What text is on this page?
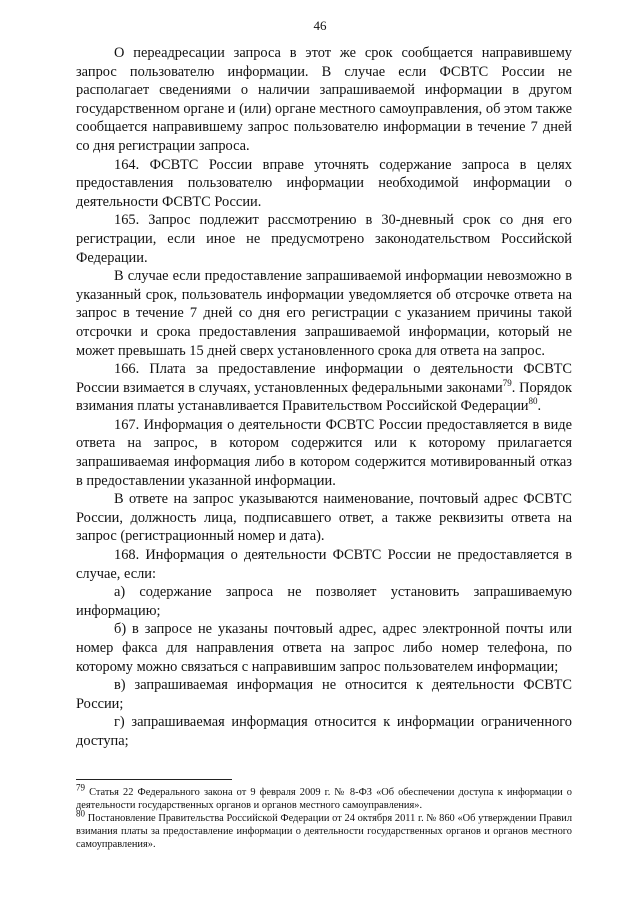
46

О переадресации запроса в этот же срок сообщается направившему запрос пользователю информации. В случае если ФСВТС России не располагает сведениями о наличии запрашиваемой информации в другом государственном органе и (или) органе местного самоуправления, об этом также сообщается направившему запрос пользователю информации в течение 7 дней со дня регистрации запроса.

164. ФСВТС России вправе уточнять содержание запроса в целях предоставления пользователю информации необходимой информации о деятельности ФСВТС России.

165. Запрос подлежит рассмотрению в 30-дневный срок со дня его регистрации, если иное не предусмотрено законодательством Российской Федерации.

В случае если предоставление запрашиваемой информации невозможно в указанный срок, пользователь информации уведомляется об отсрочке ответа на запрос в течение 7 дней со дня его регистрации с указанием причины такой отсрочки и срока предоставления запрашиваемой информации, который не может превышать 15 дней сверх установленного срока для ответа на запрос.

166. Плата за предоставление информации о деятельности ФСВТС России взимается в случаях, установленных федеральными законами$^{79}$. Порядок взимания платы устанавливается Правительством Российской Федерации$^{80}$.

167. Информация о деятельности ФСВТС России предоставляется в виде ответа на запрос, в котором содержится или к которому прилагается запрашиваемая информация либо в котором содержится мотивированный отказ в предоставлении указанной информации.

В ответе на запрос указываются наименование, почтовый адрес ФСВТС России, должность лица, подписавшего ответ, а также реквизиты ответа на запрос (регистрационный номер и дата).

168. Информация о деятельности ФСВТС России не предоставляется в случае, если:

а) содержание запроса не позволяет установить запрашиваемую информацию;

б) в запросе не указаны почтовый адрес, адрес электронной почты или номер факса для направления ответа на запрос либо номер телефона, по которому можно связаться с направившим запрос пользователем информации;

в) запрашиваемая информация не относится к деятельности ФСВТС России;

г) запрашиваемая информация относится к информации ограниченного доступа;

$^{79}$ Статья 22 Федерального закона от 9 февраля 2009 г. № 8-ФЗ «Об обеспечении доступа к информации о деятельности государственных органов и органов местного самоуправления».

$^{80}$ Постановление Правительства Российской Федерации от 24 октября 2011 г. № 860 «Об утверждении Правил взимания платы за предоставление информации о деятельности государственных органов и органов местного самоуправления».
